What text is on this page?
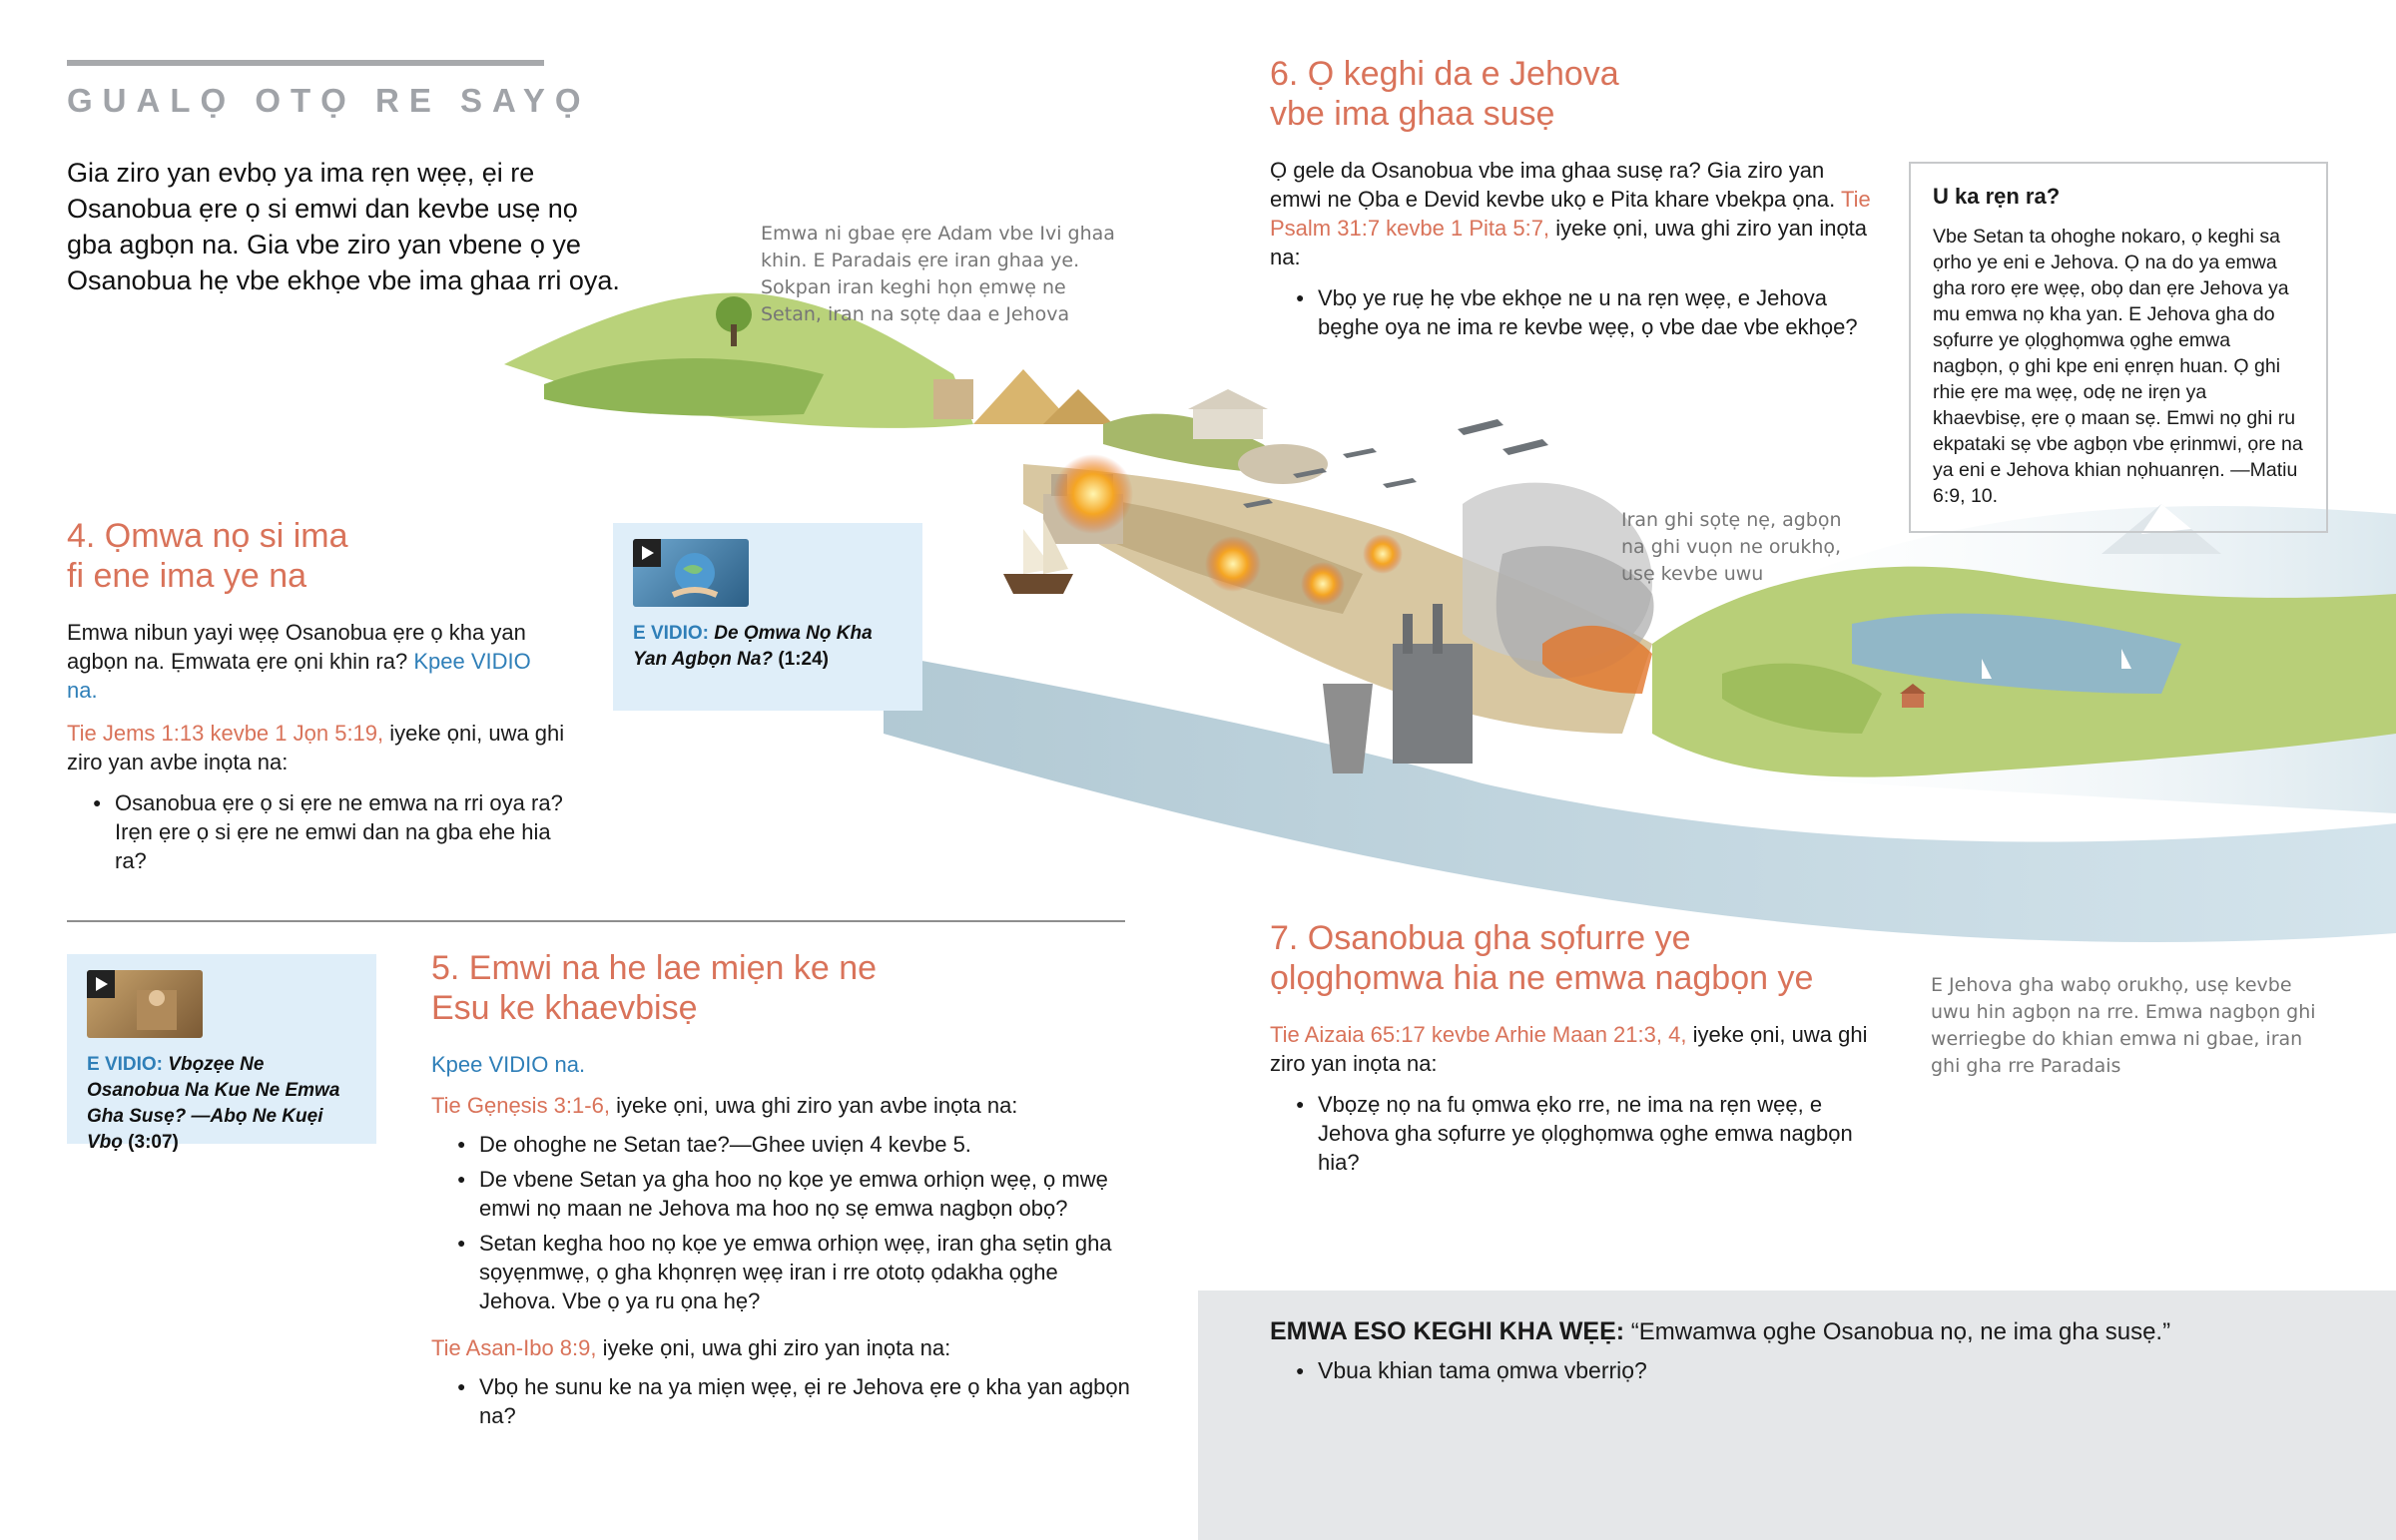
GUALỌ OTỌ RE SAYỌ

Gia ziro yan evbọ ya ima rẹn wẹẹ, ẹi re Osanobua ẹre ọ si emwi dan kevbe usẹ nọ gba agbọn na. Gia vbe ziro yan vbene ọ ye Osanobua hẹ vbe ekhọe vbe ima ghaa rri oya.

Emwa ni gbae ẹre Adam vbe Ivi ghaa khin. E Paradais ẹre iran ghaa ye. Sokpan iran keghi họn ẹmwẹ ne Setan, iran na sọtẹ daa e Jehova
Iran ghi sọtẹ nẹ, agbọn na ghi vuọn ne orukhọ, usẹ kevbe uwu
E Jehova gha wabọ orukhọ, usẹ kevbe uwu hin agbọn na rre. Emwa nagbọn ghi werriegbe do khian emwa ni gbae, iran ghi gha rre Paradais
4. Ọmwa nọ si ima
fi ene ima ye na

Emwa nibun yayi wẹẹ Osanobua ẹre ọ kha yan agbọn na. Ẹmwata ẹre ọni khin ra? Kpee VIDIO na.

Tie Jems 1:13 kevbe 1 Jọn 5:19, iyeke ọni, uwa ghi ziro yan avbe inọta na:

● Osanobua ẹre ọ si ẹre ne emwa na rri oya ra? Irẹn ẹre ọ si ẹre ne emwi dan na gba ehe hia ra?
E VIDIO: De Ọmwa Nọ Kha Yan Agbọn Na? (1:24)
E VIDIO: Vbọzẹe Ne Osanobua Na Kue Ne Emwa Gha Susẹ? —Abọ Ne Kuẹi Vbọ (3:07)
5. Emwi na he lae miẹn ke ne
Esu ke khaevbisẹ

Kpee VIDIO na.

Tie Gẹnẹsis 3:1-6, iyeke ọni, uwa ghi ziro yan avbe inọta na:

● De ohoghe ne Setan tae?—Ghee uviẹn 4 kevbe 5.
● De vbene Setan ya gha hoo nọ kọe ye emwa orhiọn wẹẹ, ọ mwẹ emwi nọ maan ne Jehova ma hoo nọ sẹ emwa nagbọn obọ?
● Setan kegha hoo nọ kọe ye emwa orhiọn wẹẹ, iran gha sẹtin gha sọyẹnmwẹ, ọ gha khọnrẹn wẹẹ iran i rre ototọ ọdakha ọghe Jehova. Vbe ọ ya ru ọna hẹ?

Tie Asan-Ibo 8:9, iyeke ọni, uwa ghi ziro yan inọta na:

● Vbọ he sunu ke na ya miẹn wẹẹ, ẹi re Jehova ẹre ọ kha yan agbọn na?
6. Ọ keghi da e Jehova
vbe ima ghaa susẹ

Ọ gele da Osanobua vbe ima ghaa susẹ ra? Gia ziro yan emwi ne Ọba e Devid kevbe ukọ e Pita khare vbekpa ọna. Tie Psalm 31:7 kevbe 1 Pita 5:7, iyeke ọni, uwa ghi ziro yan inọta na:

● Vbọ ye ruẹ hẹ vbe ekhọe ne u na rẹn wẹẹ, e Jehova bẹghe oya ne ima re kevbe wẹẹ, ọ vbe dae vbe ekhọe?
U ka rẹn ra?

Vbe Setan ta ohoghe nokaro, ọ keghi sa ọrho ye eni e Jehova. Ọ na do ya emwa gha roro ẹre wẹẹ, obọ dan ẹre Jehova ya mu emwa nọ kha yan. E Jehova gha do sọfurre ye ọlọghọmwa ọghe emwa nagbọn, ọ ghi kpe eni ẹnrẹn huan. Ọ ghi rhie ẹre ma wẹẹ, odẹ ne irẹn ya khaevbisẹ, ẹre ọ maan sẹ. Emwi nọ ghi ru ekpataki sẹ vbe agbọn vbe ẹrinmwi, ọre na ya eni e Jehova khian nọhuanrẹn. —Matiu 6:9, 10.

7. Osanobua gha sọfurre ye
ọlọghọmwa hia ne emwa nagbọn ye

Tie Aizaia 65:17 kevbe Arhie Maan 21:3, 4, iyeke ọni, uwa ghi ziro yan inọta na:

● Vbọzẹ nọ na fu ọmwa ẹko rre, ne ima na rẹn wẹẹ, e Jehova gha sọfurre ye ọlọghọmwa ọghe emwa nagbọn hia?

EMWA ESO KEGHI KHA WẸẸ: “Emwamwa ọghe Osanobua nọ, ne ima gha susẹ.”

● Vbua khian tama ọmwa vberriọ?
